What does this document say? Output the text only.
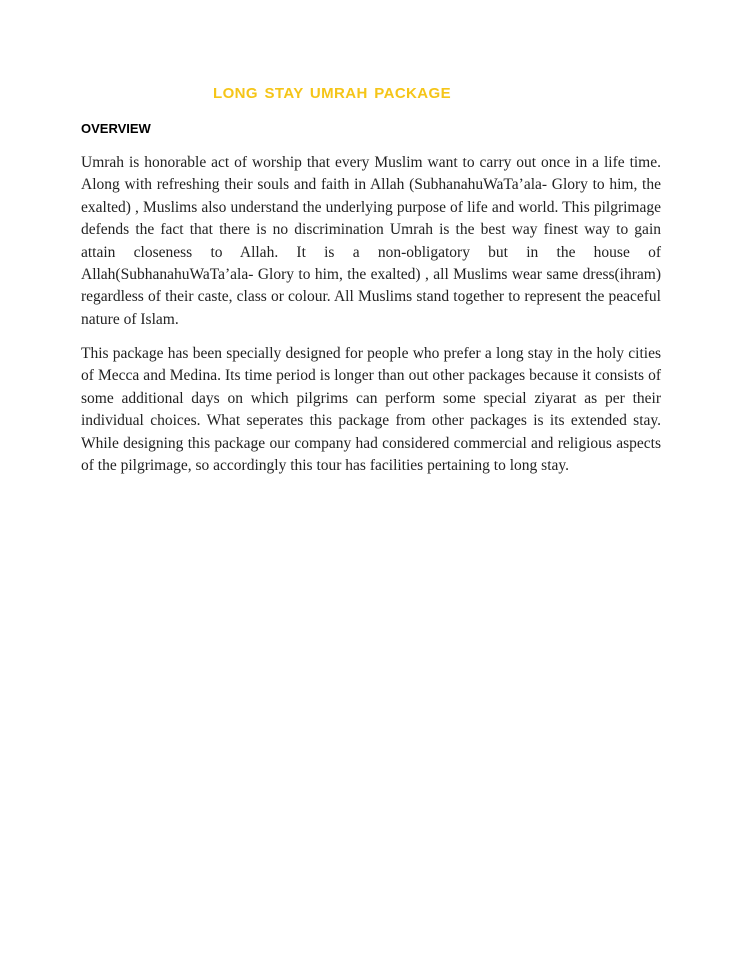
LONG STAY UMRAH PACKAGE
OVERVIEW

Umrah is honorable act of worship that every Muslim want to carry out once in a life time. Along with refreshing their souls and faith in Allah (SubhanahuWaTa’ala- Glory to him, the exalted) , Muslims also understand the underlying purpose of life and world. This pilgrimage defends the fact that there is no discrimination Umrah is the best way finest way to gain attain closeness to Allah. It is a non-obligatory but in the house of Allah(SubhanahuWaTa’ala- Glory to him, the exalted) , all Muslims wear same dress(ihram) regardless of their caste, class or colour. All Muslims stand together to represent the peaceful nature of Islam.

This package has been specially designed for people who prefer a long stay in the holy cities of Mecca and Medina. Its time period is longer than out other packages because it consists of some additional days on which pilgrims can perform some special ziyarat as per their individual choices. What seperates this package from other packages is its extended stay. While designing this package our company had considered commercial and religious aspects of the pilgrimage, so accordingly this tour has facilities pertaining to long stay.
